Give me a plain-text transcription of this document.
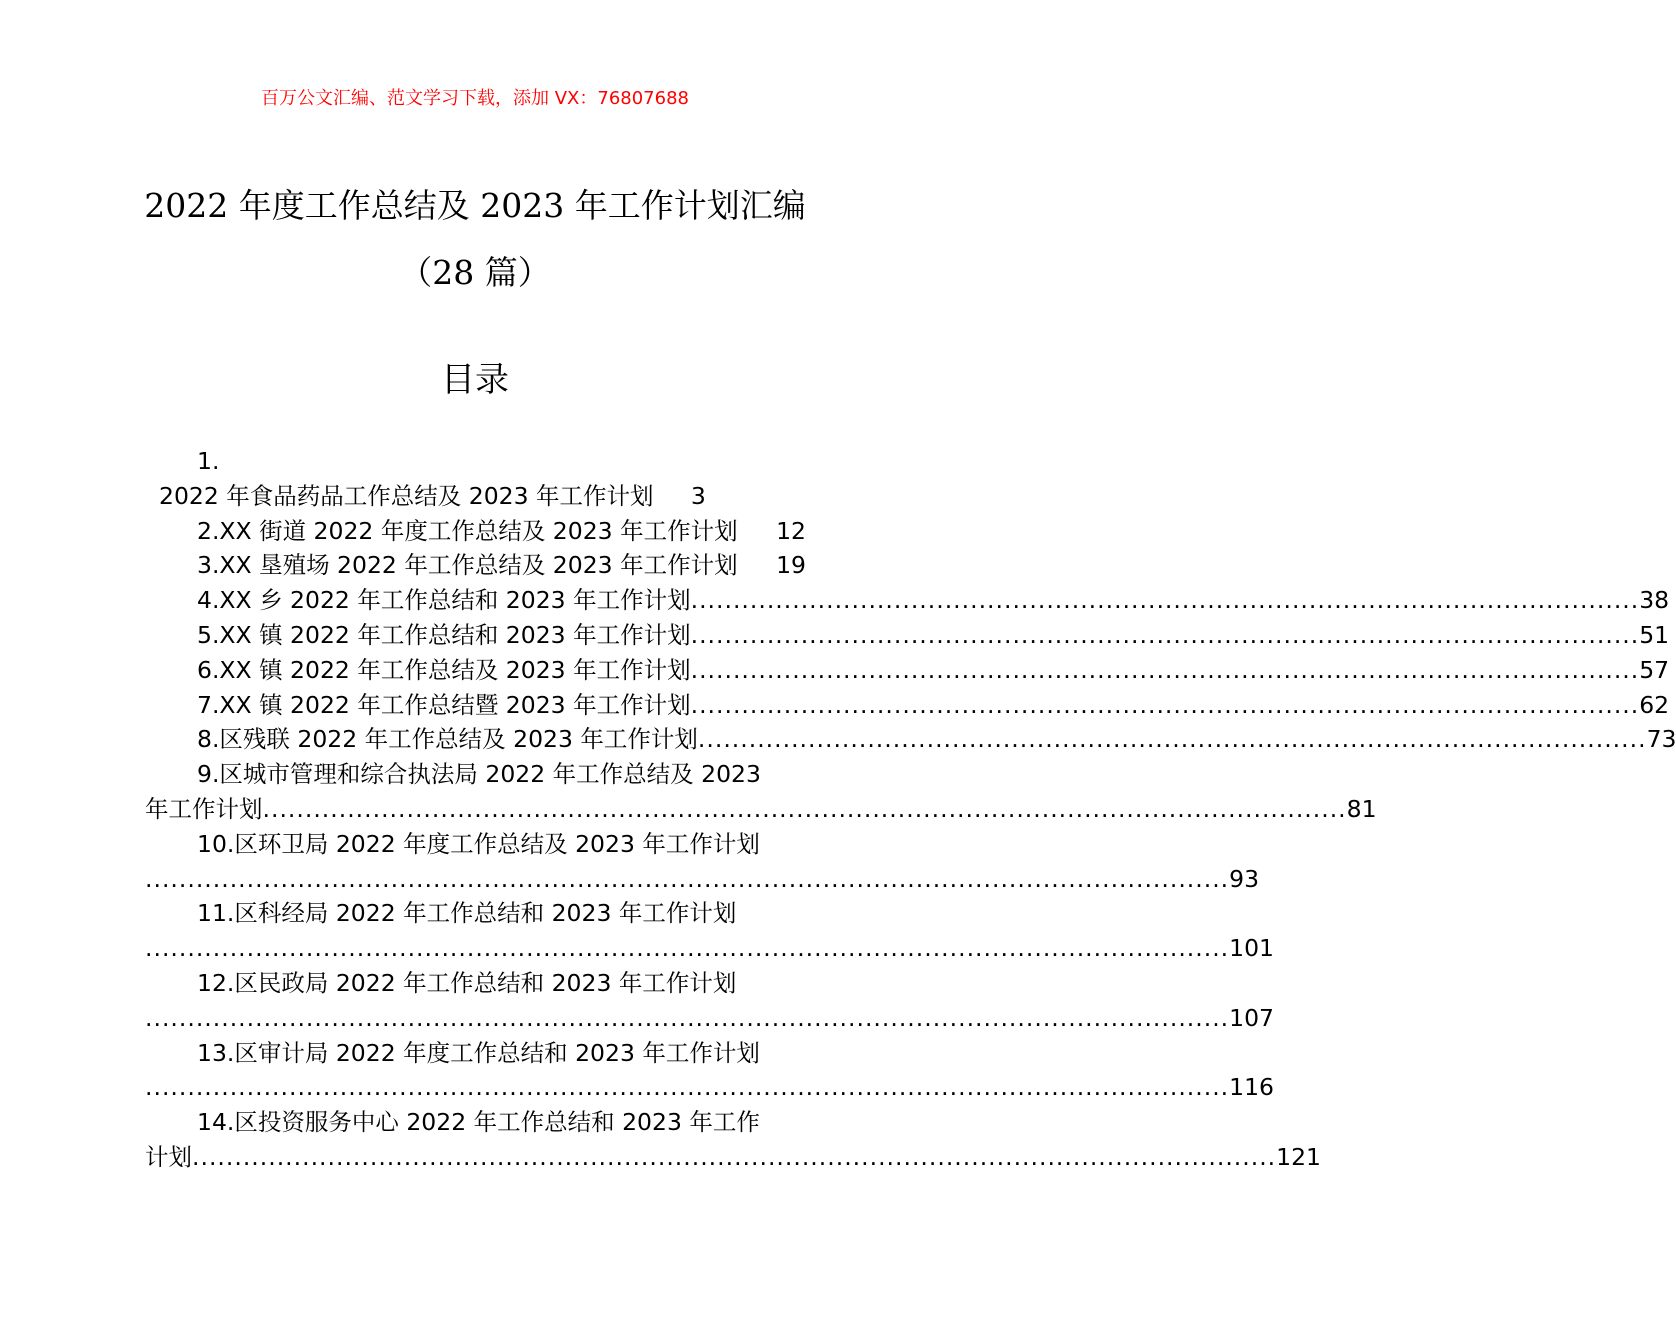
百万公文汇编、范文学习下载，添加 VX：76807688
2022 年度工作总结及 2023 年工作计划汇编
（28 篇）
目录
1.
2022 年食品药品工作总结及 2023 年工作计划 3
2.XX 街道 2022 年度工作总结及 2023 年工作计划 12
3.XX 垦殖场 2022 年工作总结及 2023 年工作计划 19
4.XX 乡 2022 年工作总结和 2023 年工作计划 ................................................................................................................ 38
5.XX 镇 2022 年工作总结和 2023 年工作计划 ................................................................................................................ 51
6.XX 镇 2022 年工作总结及 2023 年工作计划 ................................................................................................................ 57
7.XX 镇 2022 年工作总结暨 2023 年工作计划 ................................................................................................................ 62
8.区残联 2022 年工作总结及 2023 年工作计划 ................................................................................................................ 73
9.区城市管理和综合执法局 2022 年工作总结及 2023
年工作计划 ................................................................................................................................ 81
10.区环卫局 2022 年度工作总结及 2023 年工作计划
................................................................................................................................ 93
11.区科经局 2022 年工作总结和 2023 年工作计划
................................................................................................................................ 101
12.区民政局 2022 年工作总结和 2023 年工作计划
................................................................................................................................ 107
13.区审计局 2022 年度工作总结和 2023 年工作计划
................................................................................................................................ 116
14.区投资服务中心 2022 年工作总结和 2023 年工作
计划 ................................................................................................................................ 121
